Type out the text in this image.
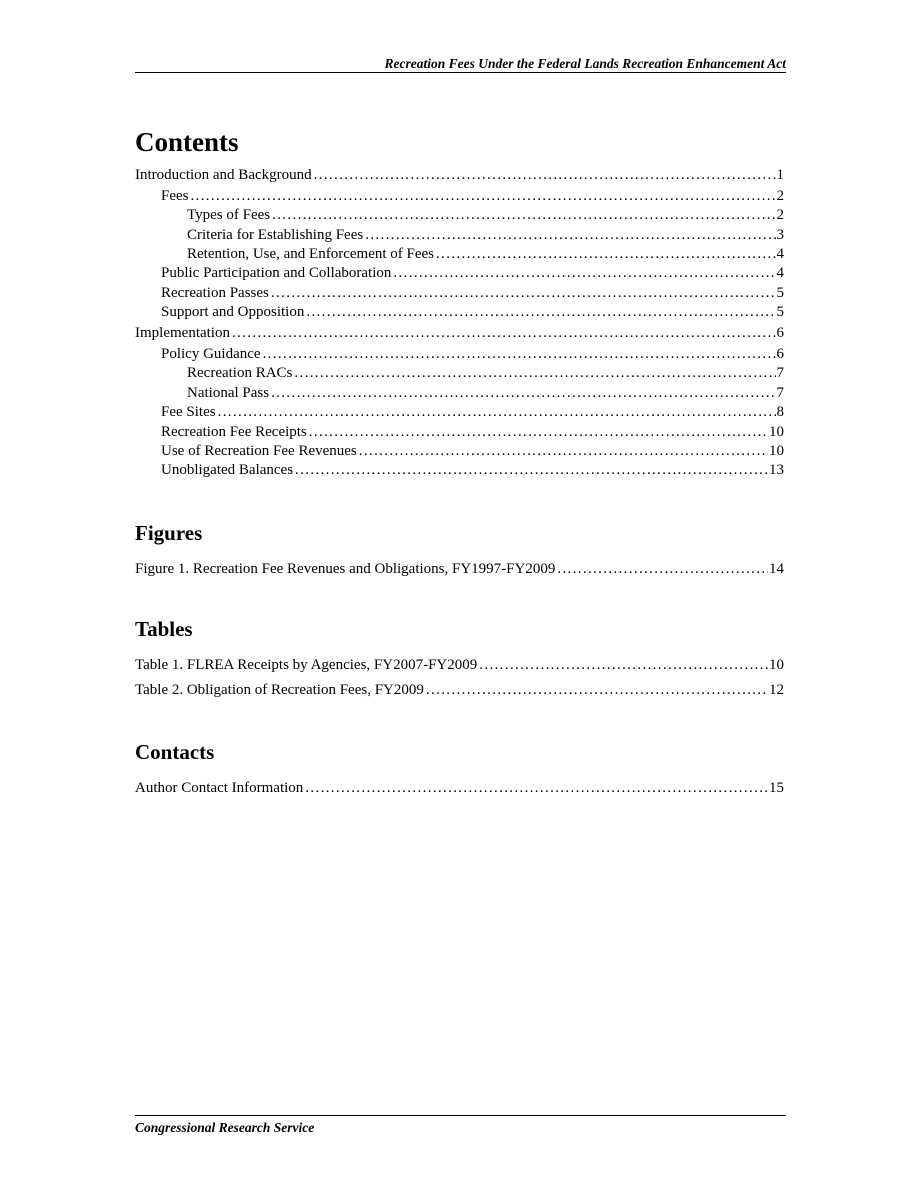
Recreation Fees Under the Federal Lands Recreation Enhancement Act
Contents
Introduction and Background . . .	1
Fees . . .	2
Types of Fees . . .	2
Criteria for Establishing Fees . . .	3
Retention, Use, and Enforcement of Fees . . .	4
Public Participation and Collaboration . . .	4
Recreation Passes . . .	5
Support and Opposition . . .	5
Implementation . . .	6
Policy Guidance . . .	6
Recreation RACs . . .	7
National Pass . . .	7
Fee Sites . . .	8
Recreation Fee Receipts . . .	10
Use of Recreation Fee Revenues . . .	10
Unobligated Balances . . .	13
Figures
Figure 1. Recreation Fee Revenues and Obligations, FY1997-FY2009 . . .	14
Tables
Table 1. FLREA Receipts by Agencies, FY2007-FY2009 . . .	10
Table 2. Obligation of Recreation Fees, FY2009 . . .	12
Contacts
Author Contact Information . . .	15
Congressional Research Service
